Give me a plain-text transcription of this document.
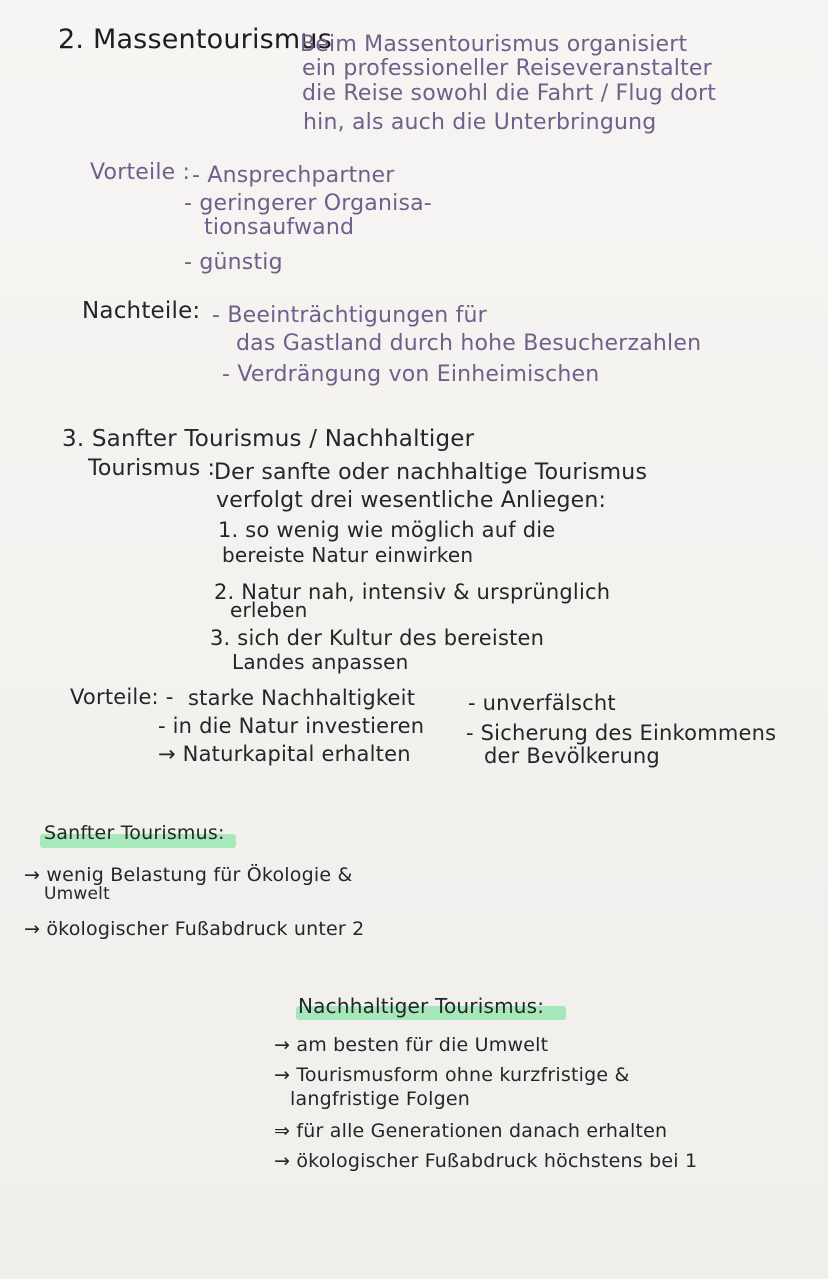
2. Massentourismus
Beim Massentourismus organisiert
ein professioneller Reiseveranstalter
die Reise sowohl die Fahrt / Flug dort
hin, als auch die Unterbringung
Vorteile : - Ansprechpartner
- geringerer Organisa-
tionsaufwand
- günstig
Nachteile: - Beeinträchtigungen für
das Gastland durch hohe Besucherzahlen
- Verdrängung von Einheimischen
3. Sanfter Tourismus / Nachhaltiger
Tourismus :
Der sanfte oder nachhaltige Tourismus
verfolgt drei wesentliche Anliegen:
1. so wenig wie möglich auf die
bereiste Natur einwirken
2. Natur nah, intensiv & ursprünglich
erleben
3. sich der Kultur des bereisten
Landes anpassen
Vorteile: - starke Nachhaltigkeit
- in die Natur investieren
→ Naturkapital erhalten
- unverfälscht
- Sicherung des Einkommens
der Bevölkerung
Sanfter Tourismus:
→ wenig Belastung für Ökologie &
Umwelt
→ ökologischer Fußabdruck unter 2
Nachhaltiger Tourismus:
→ am besten für die Umwelt
→ Tourismusform ohne kurzfristige &
langfristige Folgen
⇒ für alle Generationen danach erhalten
→ ökologischer Fußabdruck höchstens bei 1
